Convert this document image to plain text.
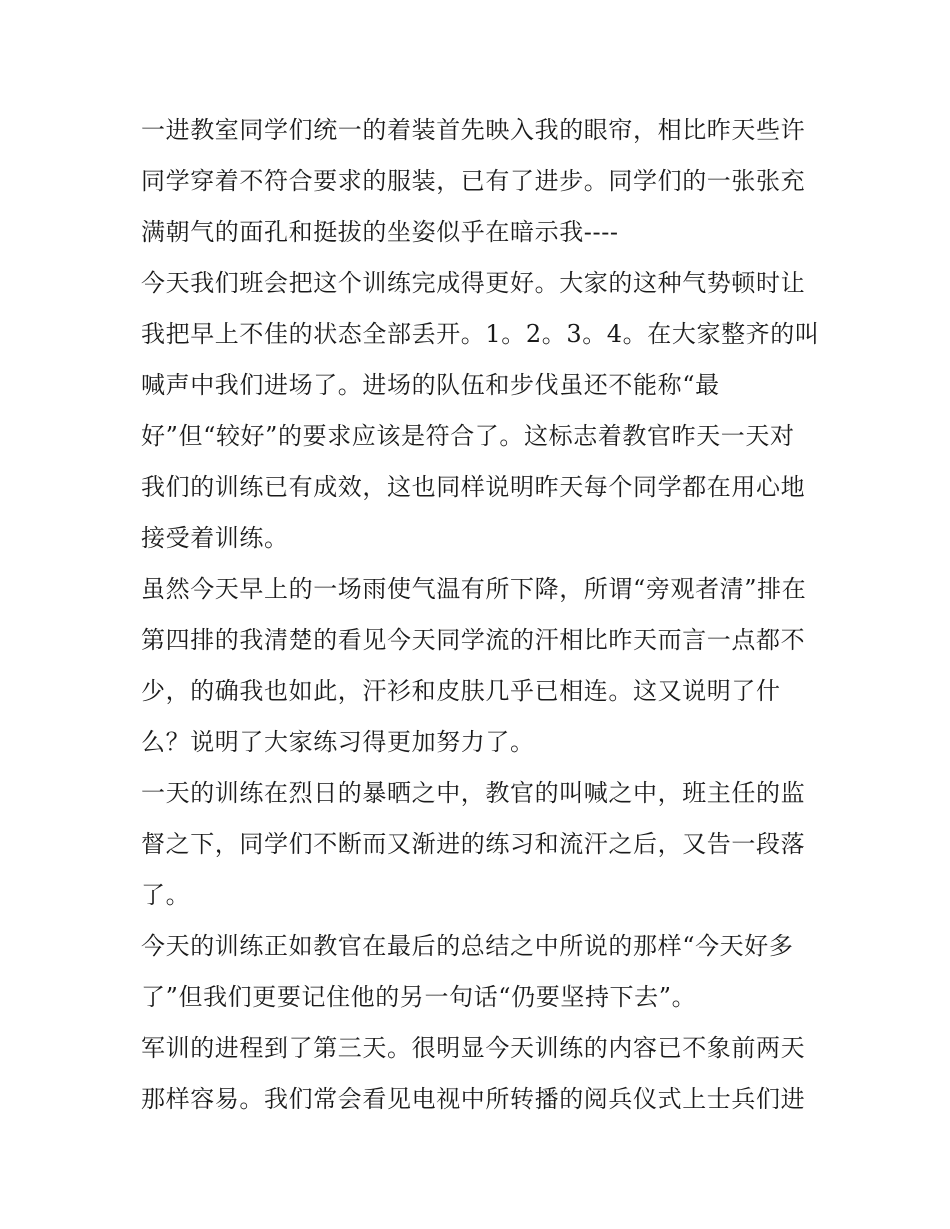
一进教室同学们统一的着装首先映入我的眼帘，相比昨天些许
同学穿着不符合要求的服装，已有了进步。同学们的一张张充
满朝气的面孔和挺拔的坐姿似乎在暗示我----
今天我们班会把这个训练完成得更好。大家的这种气势顿时让
我把早上不佳的状态全部丢开。1。2。3。4。在大家整齐的叫
喊声中我们进场了。进场的队伍和步伐虽还不能称“最
好”但“较好”的要求应该是符合了。这标志着教官昨天一天对
我们的训练已有成效，这也同样说明昨天每个同学都在用心地
接受着训练。
虽然今天早上的一场雨使气温有所下降，所谓“旁观者清”排在
第四排的我清楚的看见今天同学流的汗相比昨天而言一点都不
少，的确我也如此，汗衫和皮肤几乎已相连。这又说明了什
么？说明了大家练习得更加努力了。
一天的训练在烈日的暴晒之中，教官的叫喊之中，班主任的监
督之下，同学们不断而又渐进的练习和流汗之后，又告一段落
了。
今天的训练正如教官在最后的总结之中所说的那样“今天好多
了”但我们更要记住他的另一句话“仍要坚持下去”。
军训的进程到了第三天。很明显今天训练的内容已不象前两天
那样容易。我们常会看见电视中所转播的阅兵仪式上士兵们进
